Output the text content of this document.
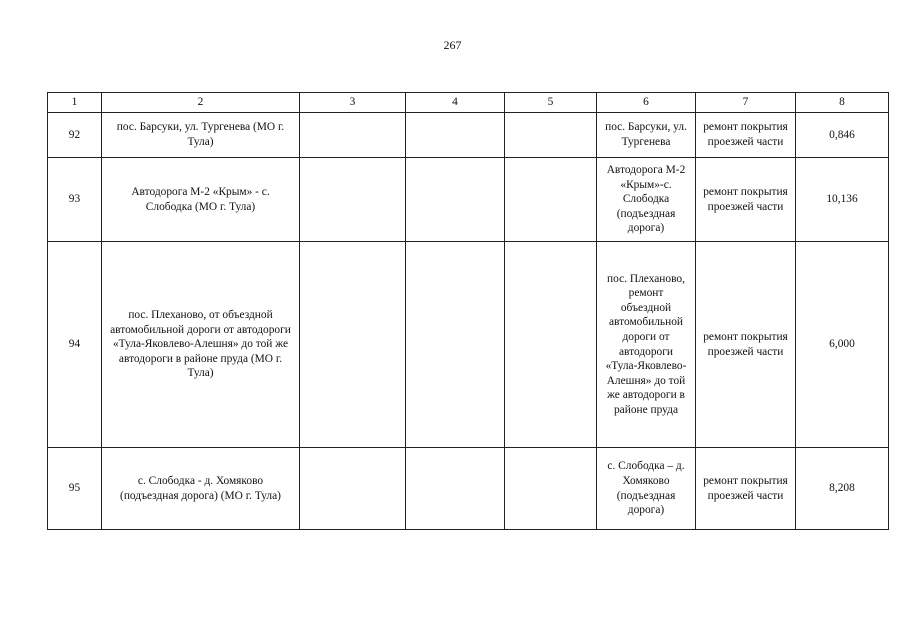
267
1	2	3	4	5	6	7	8
92	пос. Барсуки, ул. Тургенева (МО г. Тула)				пос. Барсуки, ул. Тургенева	ремонт покрытия проезжей части	0,846
93	Автодорога М-2 «Крым» - с. Слободка (МО г. Тула)				Автодорога М-2 «Крым»-с. Слободка (подъездная дорога)	ремонт покрытия проезжей части	10,136
94	пос. Плеханово, от объездной автомобильной дороги от автодороги «Тула-Яковлево-Алешня» до той же автодороги в районе пруда (МО г. Тула)				пос. Плеханово, ремонт объездной автомобильной дороги от автодороги «Тула-Яковлево-Алешня» до той же автодороги в районе пруда	ремонт покрытия проезжей части	6,000
95	с. Слободка - д. Хомяково (подъездная дорога) (МО г. Тула)				с. Слободка – д. Хомяково (подъездная дорога)	ремонт покрытия проезжей части	8,208
